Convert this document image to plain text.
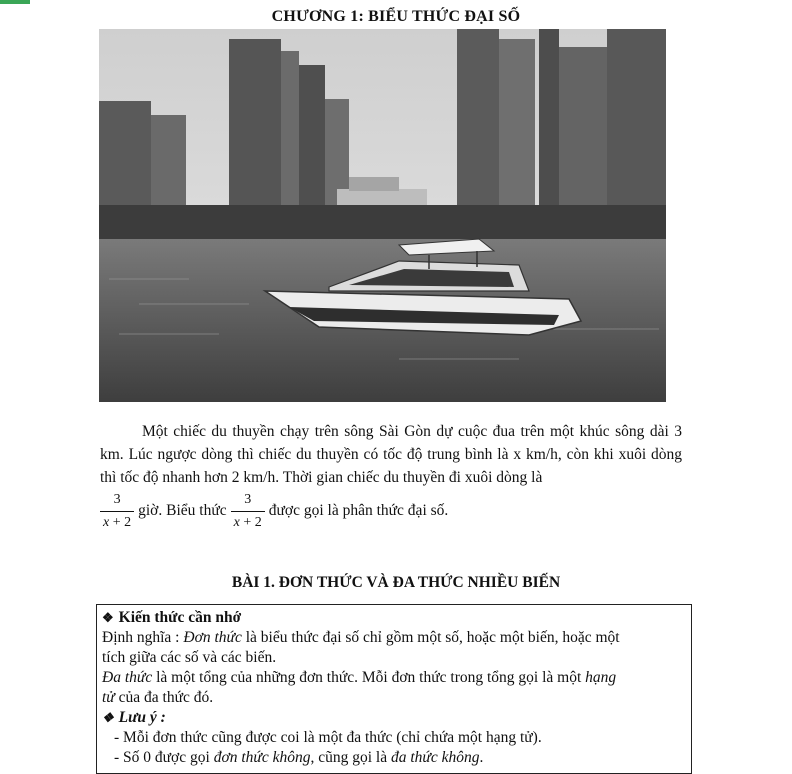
CHƯƠNG 1: BIỂU THỨC ĐẠI SỐ
Một chiếc du thuyền chạy trên sông Sài Gòn dự cuộc đua trên một khúc sông dài 3 km. Lúc ngược dòng thì chiếc du thuyền có tốc độ trung bình là x km/h, còn khi xuôi dòng thì tốc độ nhanh hơn 2 km/h. Thời gian chiếc du thuyền đi xuôi dòng là
$\frac{3}{x + 2}$ giờ. Biểu thức $\frac{3}{x + 2}$ được gọi là phân thức đại số.
BÀI 1. ĐƠN THỨC VÀ ĐA THỨC NHIỀU BIẾN
❖ Kiến thức cần nhớ
Định nghĩa : Đơn thức là biểu thức đại số chỉ gồm một số, hoặc một biến, hoặc một
tích giữa các số và các biến.
Đa thức là một tổng của những đơn thức. Mỗi đơn thức trong tổng gọi là một hạng
tử của đa thức đó.
❖ Lưu ý :
- Mỗi đơn thức cũng được coi là một đa thức (chỉ chứa một hạng tử).
- Số 0 được gọi đơn thức không, cũng gọi là đa thức không.
